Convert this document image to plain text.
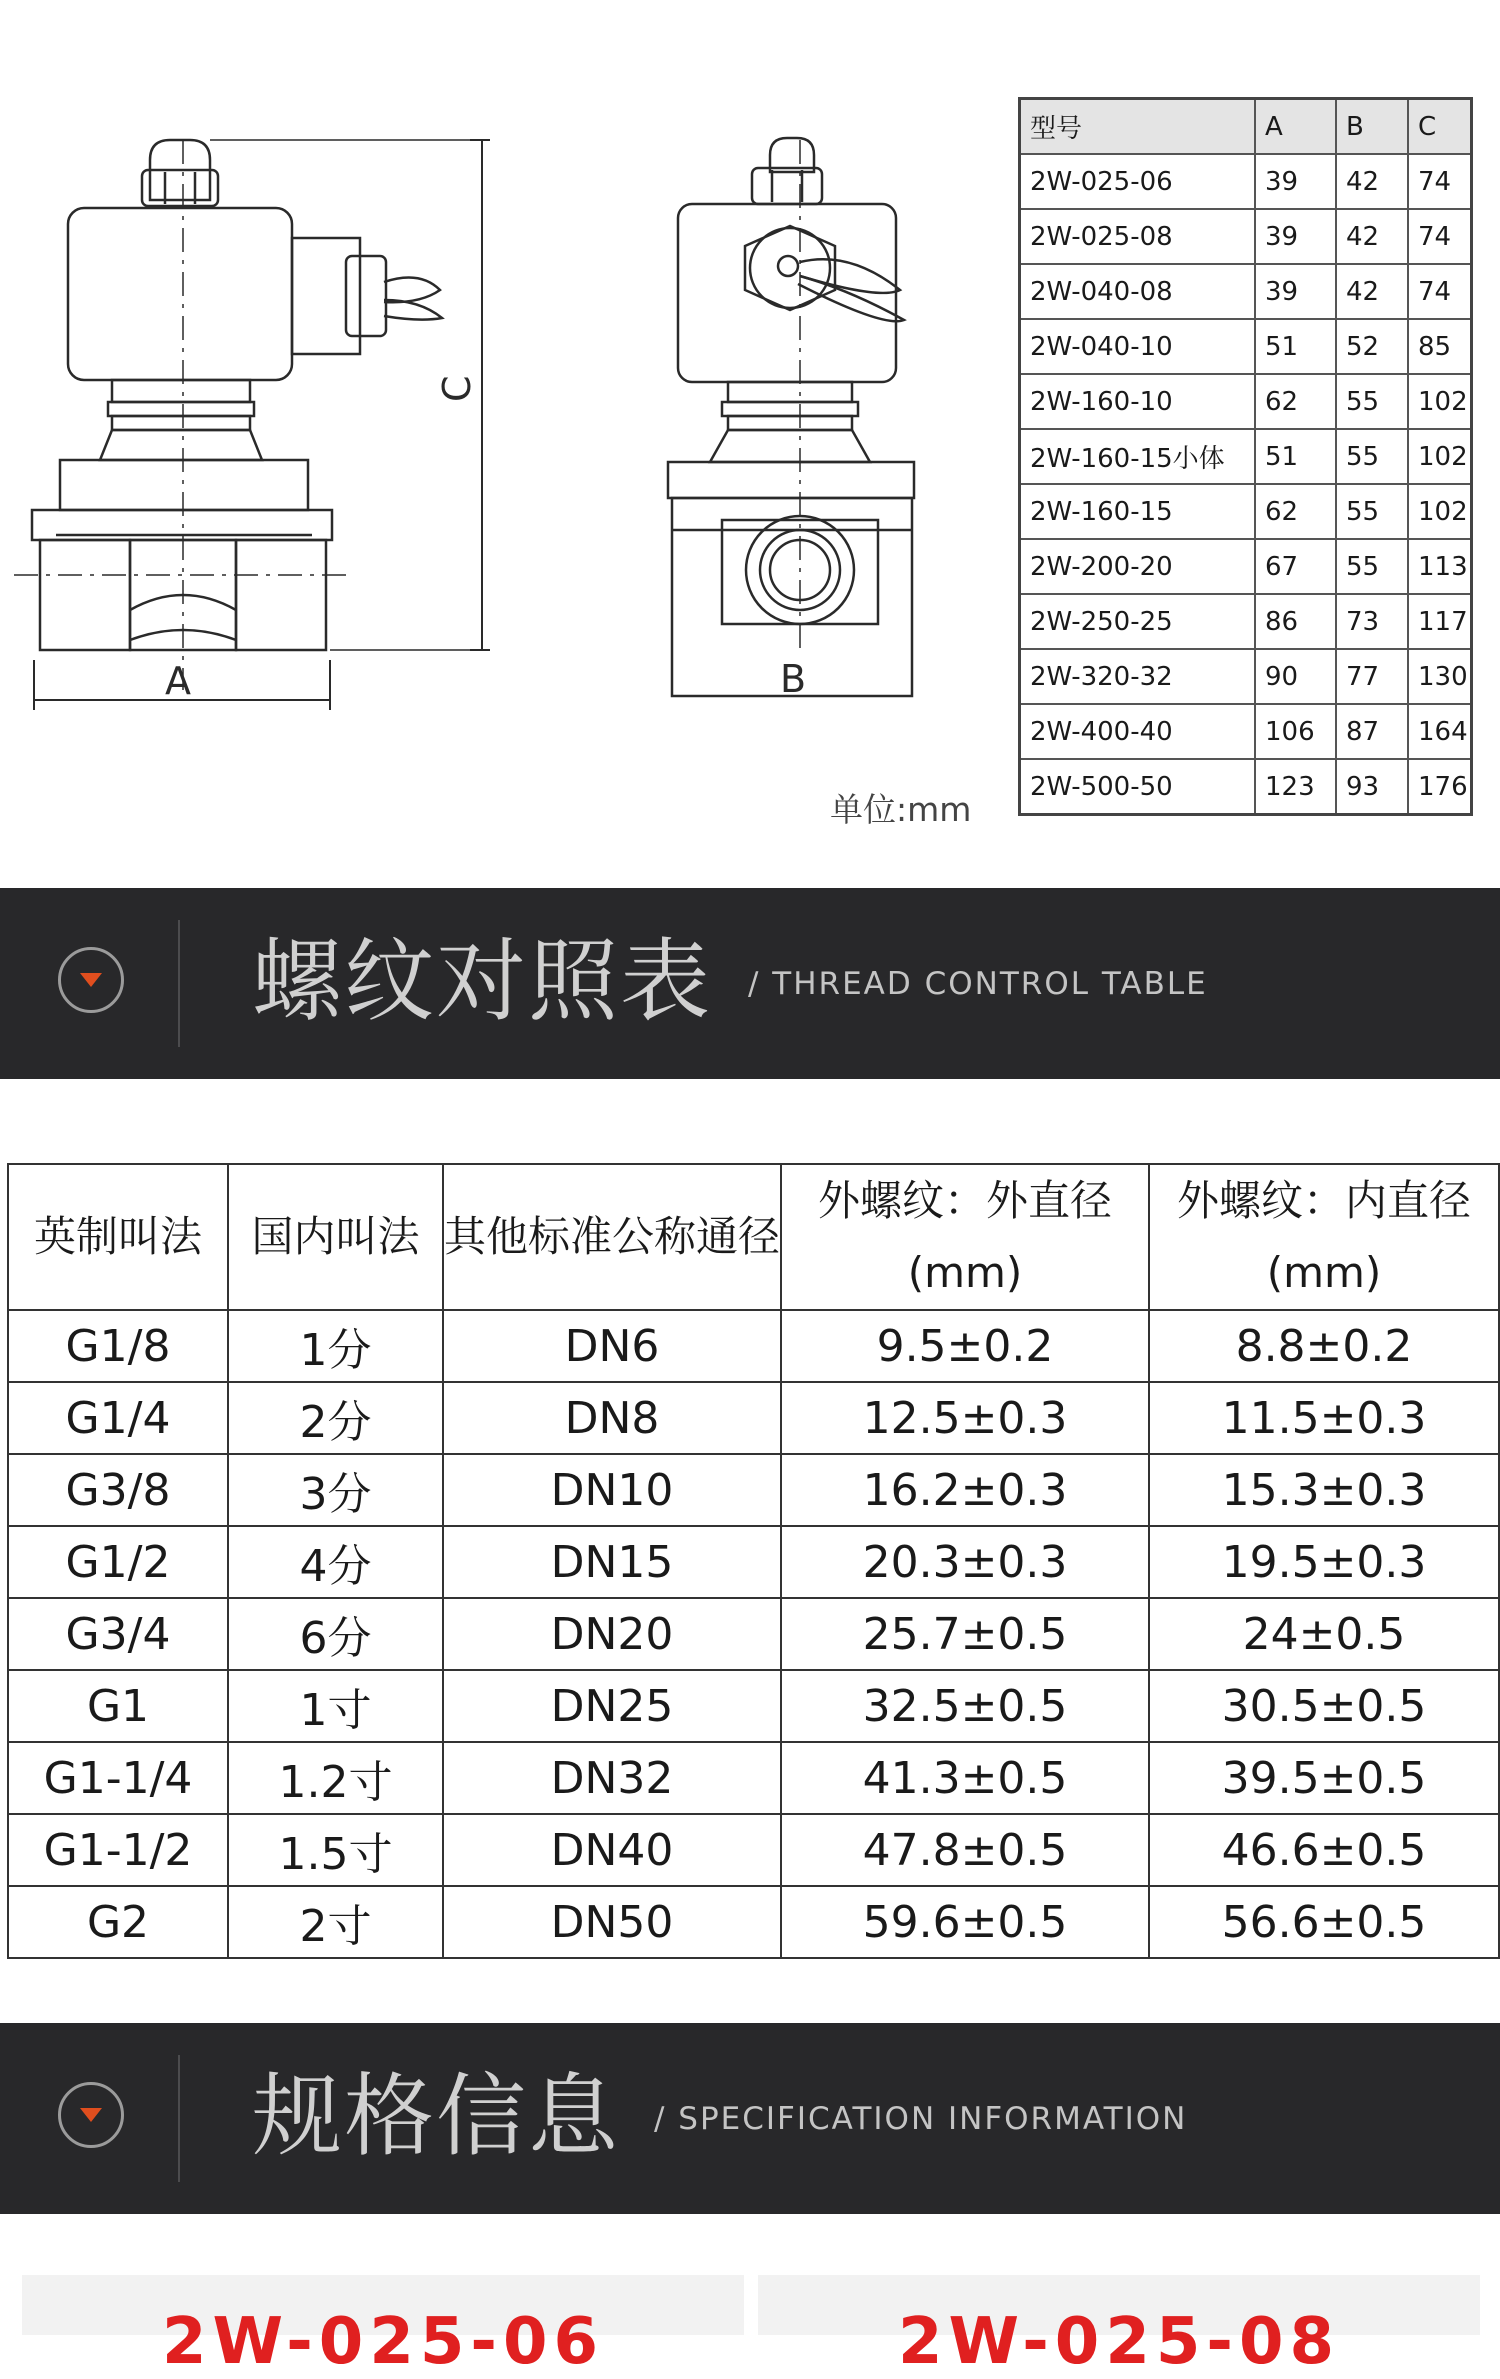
A
C
B
单位:mm
型号	A	B	C
2W-025-06	39	42	74
2W-025-08	39	42	74
2W-040-08	39	42	74
2W-040-10	51	52	85
2W-160-10	62	55	102
2W-160-15小体	51	55	102
2W-160-15	62	55	102
2W-200-20	67	55	113
2W-250-25	86	73	117
2W-320-32	90	77	130
2W-400-40	106	87	164
2W-500-50	123	93	176
螺纹对照表 / THREAD CONTROL TABLE
英制叫法	国内叫法	其他标准公称通径	外螺纹：外直径(mm)	外螺纹：内直径(mm)
G1/8	1分	DN6	9.5±0.2	8.8±0.2
G1/4	2分	DN8	12.5±0.3	11.5±0.3
G3/8	3分	DN10	16.2±0.3	15.3±0.3
G1/2	4分	DN15	20.3±0.3	19.5±0.3
G3/4	6分	DN20	25.7±0.5	24±0.5
G1	1寸	DN25	32.5±0.5	30.5±0.5
G1-1/4	1.2寸	DN32	41.3±0.5	39.5±0.5
G1-1/2	1.5寸	DN40	47.8±0.5	46.6±0.5
G2	2寸	DN50	59.6±0.5	56.6±0.5
规格信息 / SPECIFICATION INFORMATION
2W-025-06	2W-025-08
